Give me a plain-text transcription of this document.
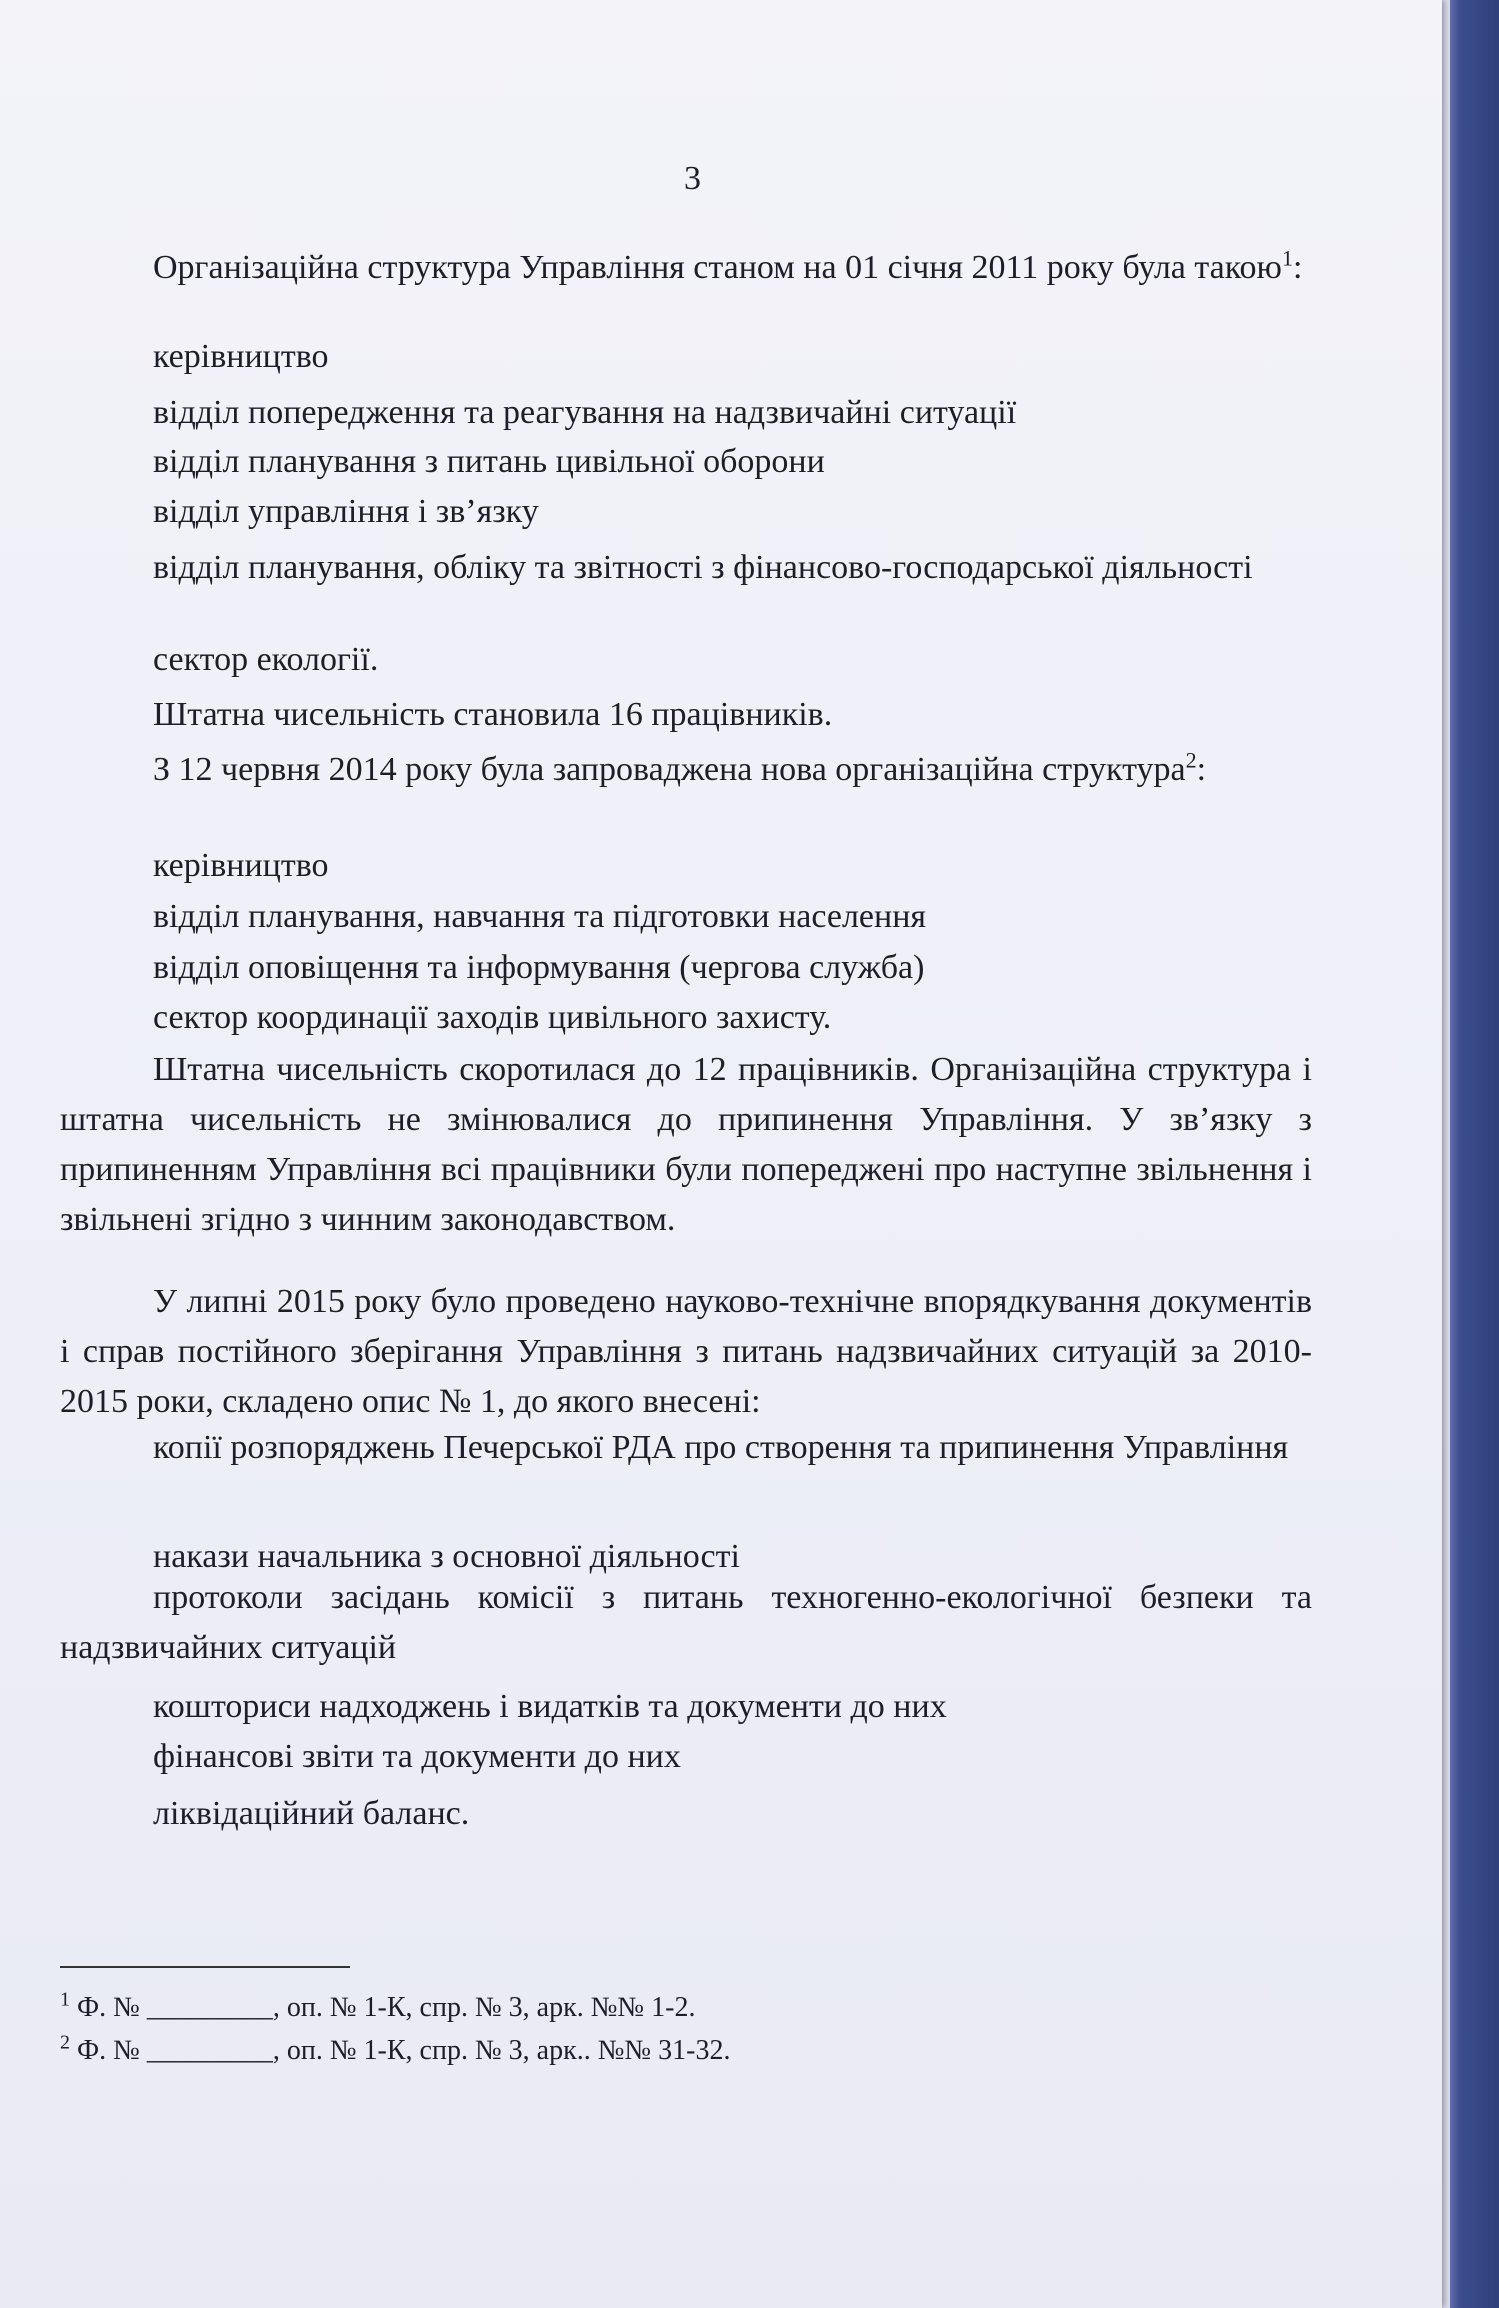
3
Організаційна структура Управління станом на 01 січня 2011 року була такою$^1$:
керівництво
відділ попередження та реагування на надзвичайні ситуації
відділ планування з питань цивільної оборони
відділ управління і зв’язку
відділ планування, обліку та звітності з фінансово-господарської діяльності
сектор екології.
Штатна чисельність становила 16 працівників.
З 12 червня 2014 року була запроваджена нова організаційна структура$^2$:
керівництво
відділ планування, навчання та підготовки населення
відділ оповіщення та інформування (чергова служба)
сектор координації заходів цивільного захисту.
Штатна чисельність скоротилася до 12 працівників. Організаційна структура і штатна чисельність не змінювалися до припинення Управління. У зв’язку з припиненням Управління всі працівники були попереджені про наступне звільнення і звільнені згідно з чинним законодавством.
У липні 2015 року було проведено науково-технічне впорядкування документів і справ постійного зберігання Управління з питань надзвичайних ситуацій за 2010-2015 роки, складено опис № 1, до якого внесені:
копії розпоряджень Печерської РДА про створення та припинення Управління
накази начальника з основної діяльності
протоколи засідань комісії з питань техногенно-екологічної безпеки та надзвичайних ситуацій
кошториси надходжень і видатків та документи до них
фінансові звіти та документи до них
ліквідаційний баланс.
$^1$ Ф. № _________, оп. № 1-К, спр. № 3, арк. №№ 1-2.
$^2$ Ф. № _________, оп. № 1-К, спр. № 3, арк.. №№ 31-32.
